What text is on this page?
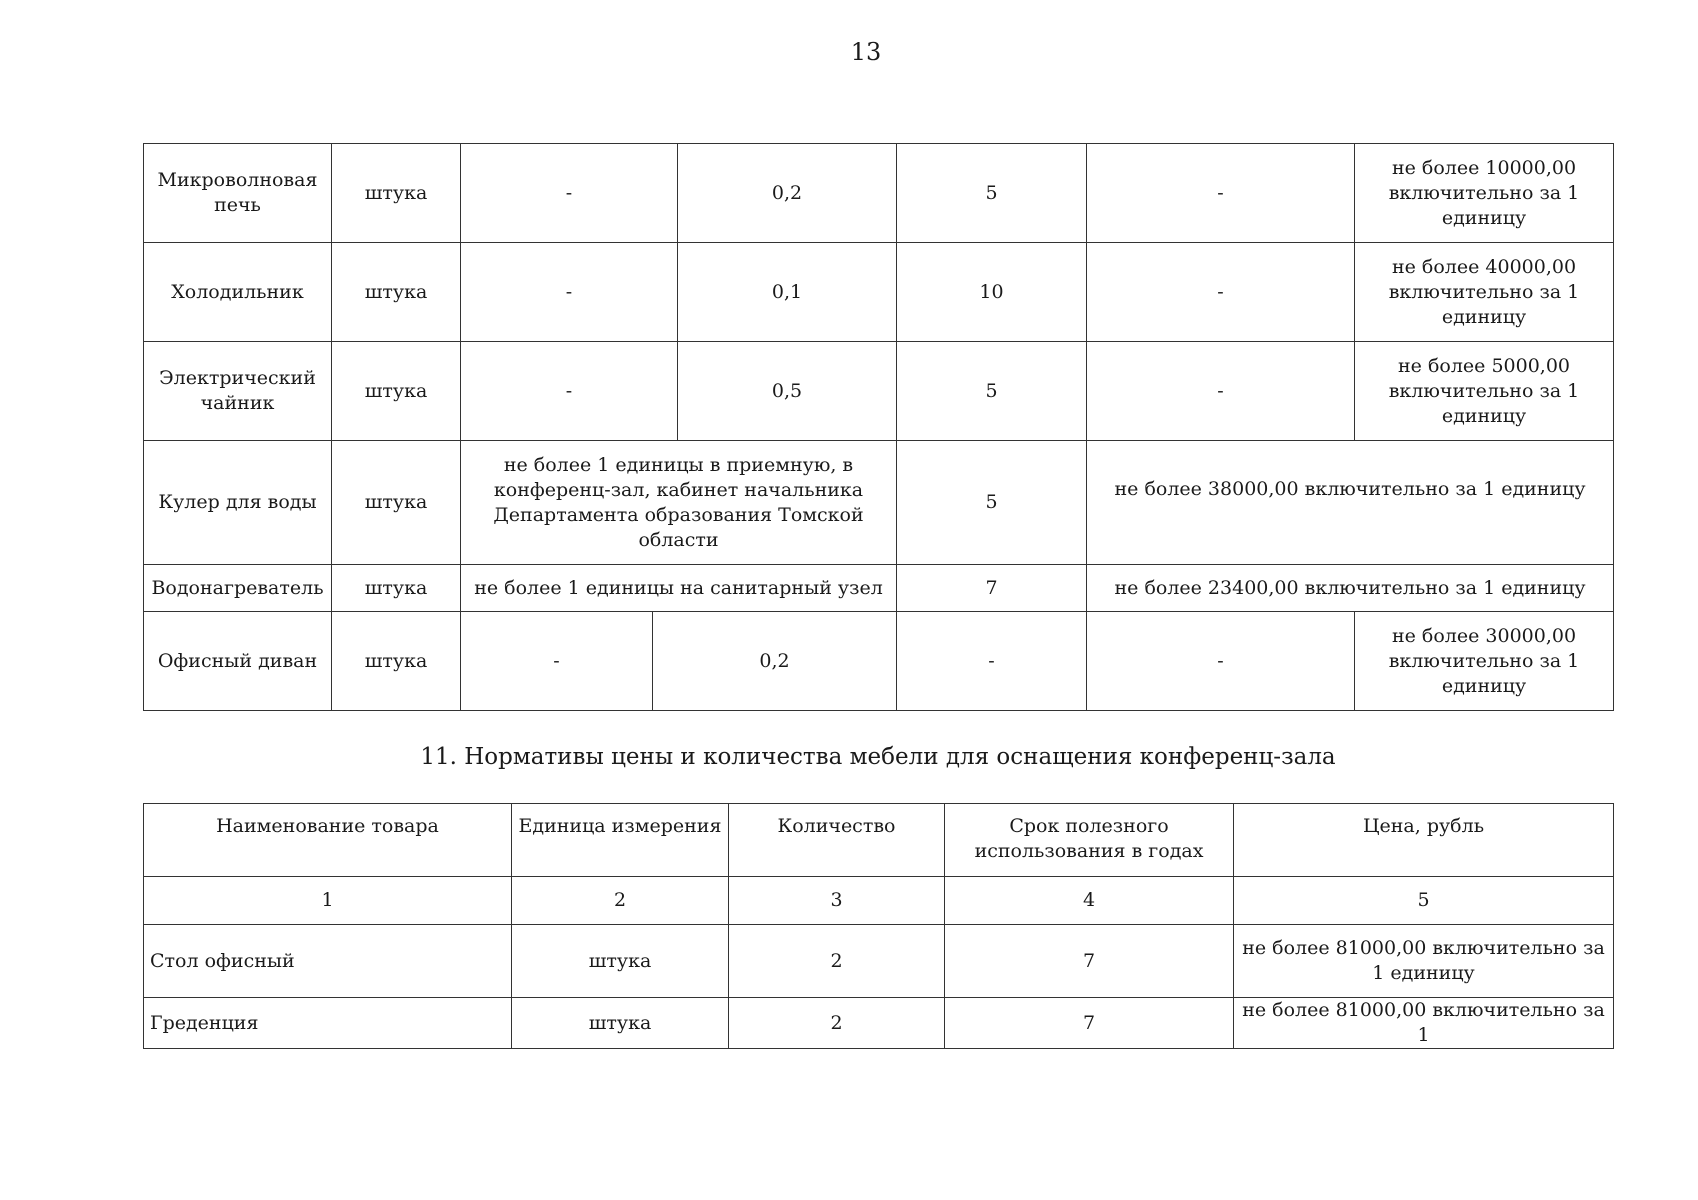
13
Микроволновая печь	штука	-		0,2	5	-	не более 10000,00 включительно за 1 единицу
Холодильник	штука	-		0,1	10	-	не более 40000,00 включительно за 1 единицу
Электрический чайник	штука	-		0,5	5	-	не более 5000,00 включительно за 1 единицу
Кулер для воды	штука	не более 1 единицы в приемную, в конференц-зал, кабинет начальника Департамента образования Томской области			5	не более 38000,00 включительно за 1 единицу	
Водонагреватель	штука	не более 1 единицы на санитарный узел			7	не более 23400,00 включительно за 1 единицу	
Офисный диван	штука	-	0,2		-	-	не более 30000,00 включительно за 1 единицу
11. Нормативы цены и количества мебели для оснащения конференц-зала
Наименование товара	Единица измерения	Количество	Срок полезного использования в годах	Цена, рубль
1	2	3	4	5
Стол офисный	штука	2	7	не более 81000,00 включительно за 1 единицу
Греденция	штука	2	7	не более 81000,00 включительно за 1
